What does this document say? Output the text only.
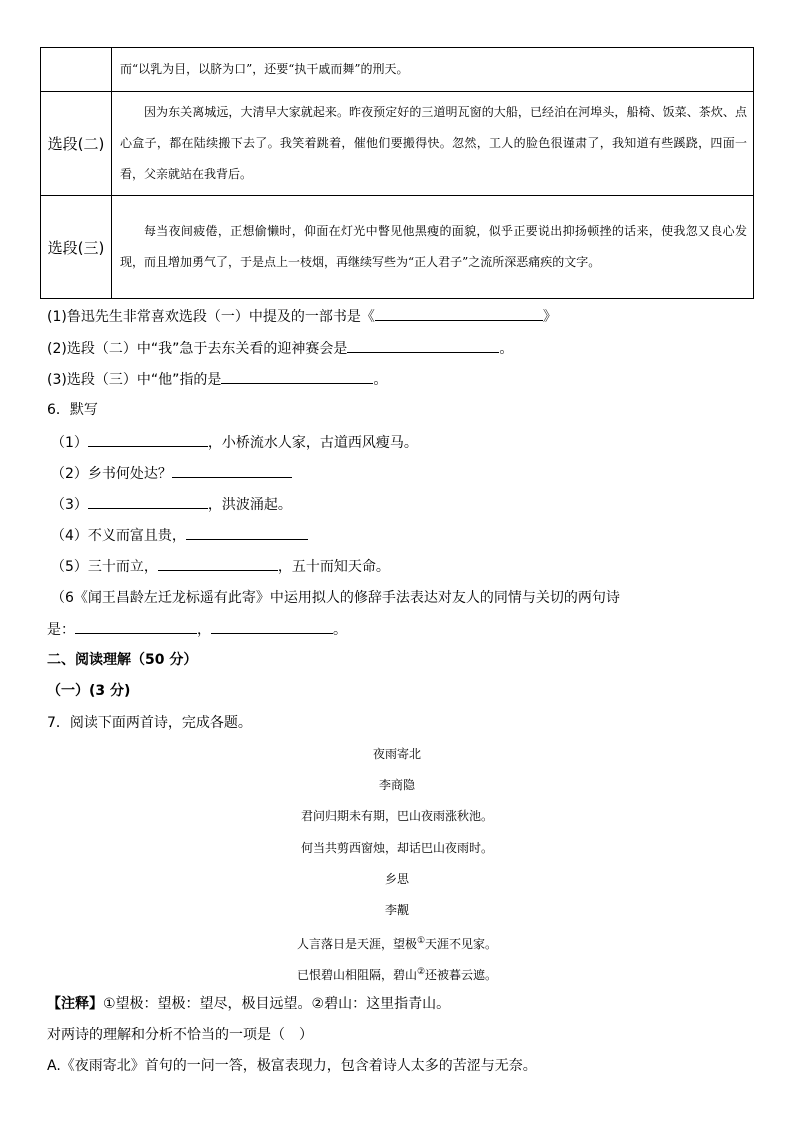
	而“以乳为目，以脐为口”，还要“执干戚而舞”的刑天。
选段(二)	因为东关离城远，大清早大家就起来。昨夜预定好的三道明瓦窗的大船，已经泊在河埠头，船椅、饭菜、茶炊、点心盒子，都在陆续搬下去了。我笑着跳着，催他们要搬得快。忽然，工人的脸色很谨肃了，我知道有些蹊跷，四面一看，父亲就站在我背后。

选段(三)	每当夜间疲倦，正想偷懒时，仰面在灯光中瞥见他黑瘦的面貌，似乎正要说出抑扬顿挫的话来，使我忽又良心发现，而且增加勇气了，于是点上一枝烟，再继续写些为“正人君子”之流所深恶痛疾的文字。
(1)鲁迅先生非常喜欢选段（一）中提及的一部书是《	》
(2)选段（二）中“我”急于去东关看的迎神赛会是	。
(3)选段（三）中“他”指的是	。
6．默写
（1）	，小桥流水人家，古道西风瘦马。
（2）乡书何处达？
（3）	，洪波涌起。
（4）不义而富且贵，
（5）三十而立，	，五十而知天命。
（6《闻王昌龄左迁龙标遥有此寄》中运用拟人的修辞手法表达对友人的同情与关切的两句诗
是：	，	。
二、阅读理解（50 分）
（一）(3 分)
7．阅读下面两首诗，完成各题。
夜雨寄北
李商隐
君问归期未有期，巴山夜雨涨秋池。
何当共剪西窗烛，却话巴山夜雨时。
乡思
李觏
人言落日是天涯，望极①天涯不见家。
已恨碧山相阻隔，碧山②还被暮云遮。
【注释】①望极：望极：望尽，极目远望。②碧山：这里指青山。
对两诗的理解和分析不恰当的一项是（　）
A.《夜雨寄北》首句的一问一答，极富表现力，包含着诗人太多的苦涩与无奈。
